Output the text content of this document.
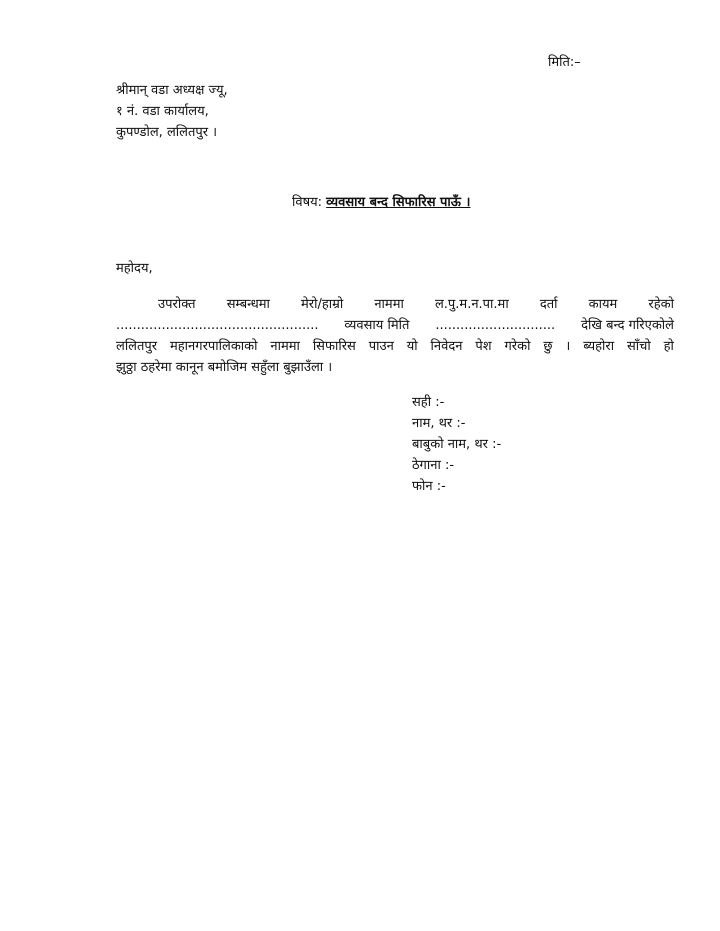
मिति:–
श्रीमान् वडा अध्यक्ष ज्यू,
१ नं. वडा कार्यालय,
कुपण्डोल, ललितपुर ।
विषय: व्यवसाय बन्द सिफारिस पाऊँ ।
महोदय,
उपरोक्त सम्बन्धमा मेरो/हाम्रो नाममा ल.पु.म.न.पा.मा दर्ता कायम रहेको
................................................. व्यवसाय मिति ............................. देखि बन्द गरिएकोले
ललितपुर महानगरपालिकाको नाममा सिफारिस पाउन यो निवेदन पेश गरेको छु । ब्यहोरा साँचो हो
झुठ्ठा ठहरेमा कानून बमोजिम सहुँला बुझाउँला ।
सही :-
नाम, थर :-
बाबुको नाम, थर :-
ठेगाना :-
फोन :-
